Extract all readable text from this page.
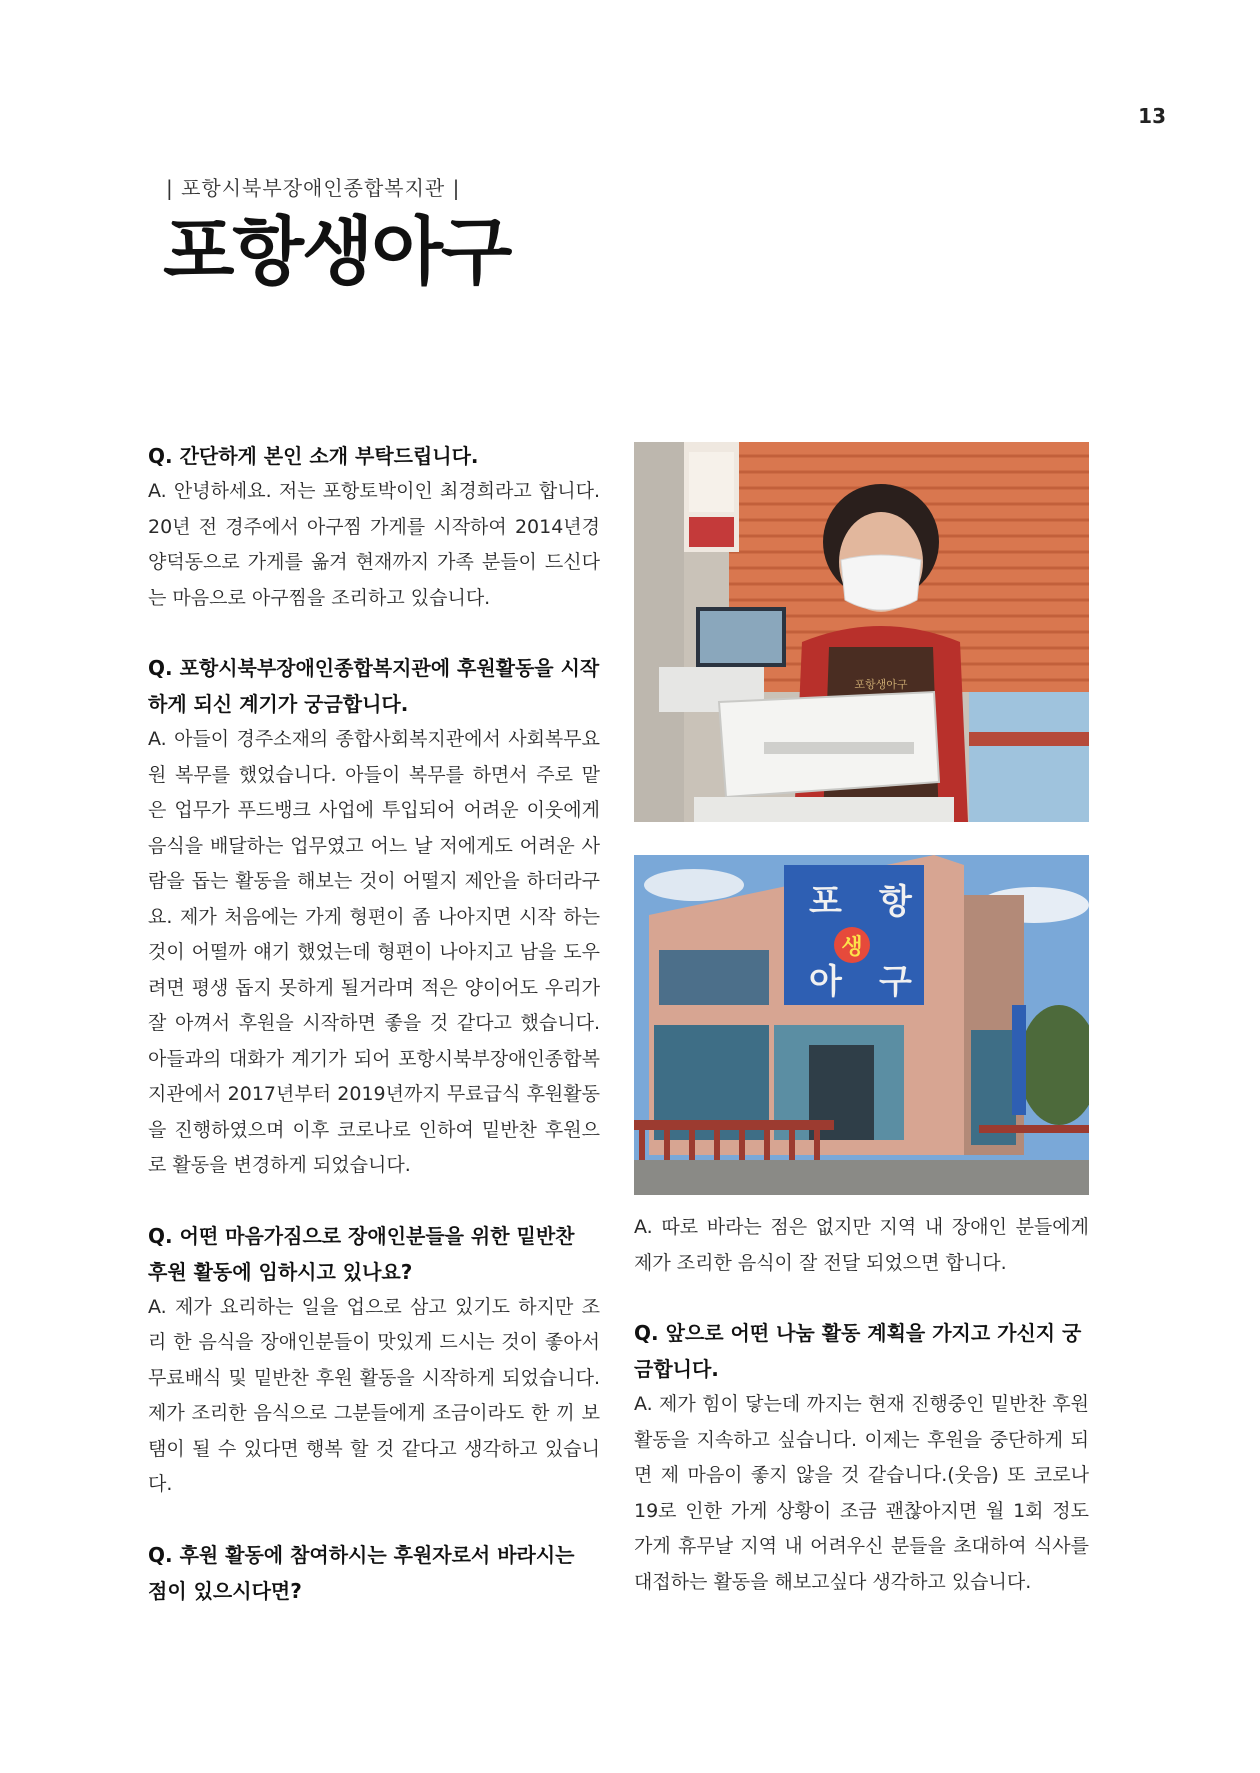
13
| 포항시북부장애인종합복지관 |
포항생아구

Q. 간단하게 본인 소개 부탁드립니다.

A. 안녕하세요. 저는 포항토박이인 최경희라고 합니다. 20년 전 경주에서 아구찜 가게를 시작하여 2014년경 양덕동으로 가게를 옮겨 현재까지 가족 분들이 드신다는 마음으로 아구찜을 조리하고 있습니다.

Q. 포항시북부장애인종합복지관에 후원활동을 시작하게 되신 계기가 궁금합니다.

A. 아들이 경주소재의 종합사회복지관에서 사회복무요원 복무를 했었습니다. 아들이 복무를 하면서 주로 맡은 업무가 푸드뱅크 사업에 투입되어 어려운 이웃에게 음식을 배달하는 업무였고 어느 날 저에게도 어려운 사람을 돕는 활동을 해보는 것이 어떨지 제안을 하더라구요. 제가 처음에는 가게 형편이 좀 나아지면 시작 하는 것이 어떨까 얘기 했었는데 형편이 나아지고 남을 도우려면 평생 돕지 못하게 될거라며 적은 양이어도 우리가 잘 아껴서 후원을 시작하면 좋을 것 같다고 했습니다. 아들과의 대화가 계기가 되어 포항시북부장애인종합복지관에서 2017년부터 2019년까지 무료급식 후원활동을 진행하였으며 이후 코로나로 인하여 밑반찬 후원으로 활동을 변경하게 되었습니다.

Q. 어떤 마음가짐으로 장애인분들을 위한 밑반찬 후원 활동에 임하시고 있나요?

A. 제가 요리하는 일을 업으로 삼고 있기도 하지만 조리 한 음식을 장애인분들이 맛있게 드시는 것이 좋아서 무료배식 및 밑반찬 후원 활동을 시작하게 되었습니다. 제가 조리한 음식으로 그분들에게 조금이라도 한 끼 보탬이 될 수 있다면 행복 할 것 같다고 생각하고 있습니다.

Q. 후원 활동에 참여하시는 후원자로서 바라시는 점이 있으시다면?

포항생아구
포 항
생
아 구

A. 따로 바라는 점은 없지만 지역 내 장애인 분들에게 제가 조리한 음식이 잘 전달 되었으면 합니다.

Q. 앞으로 어떤 나눔 활동 계획을 가지고 가신지 궁금합니다.

A. 제가 힘이 닿는데 까지는 현재 진행중인 밑반찬 후원 활동을 지속하고 싶습니다. 이제는 후원을 중단하게 되면 제 마음이 좋지 않을 것 같습니다.(웃음) 또 코로나19로 인한 가게 상황이 조금 괜찮아지면 월 1회 정도 가게 휴무날 지역 내 어려우신 분들을 초대하여 식사를 대접하는 활동을 해보고싶다 생각하고 있습니다.
